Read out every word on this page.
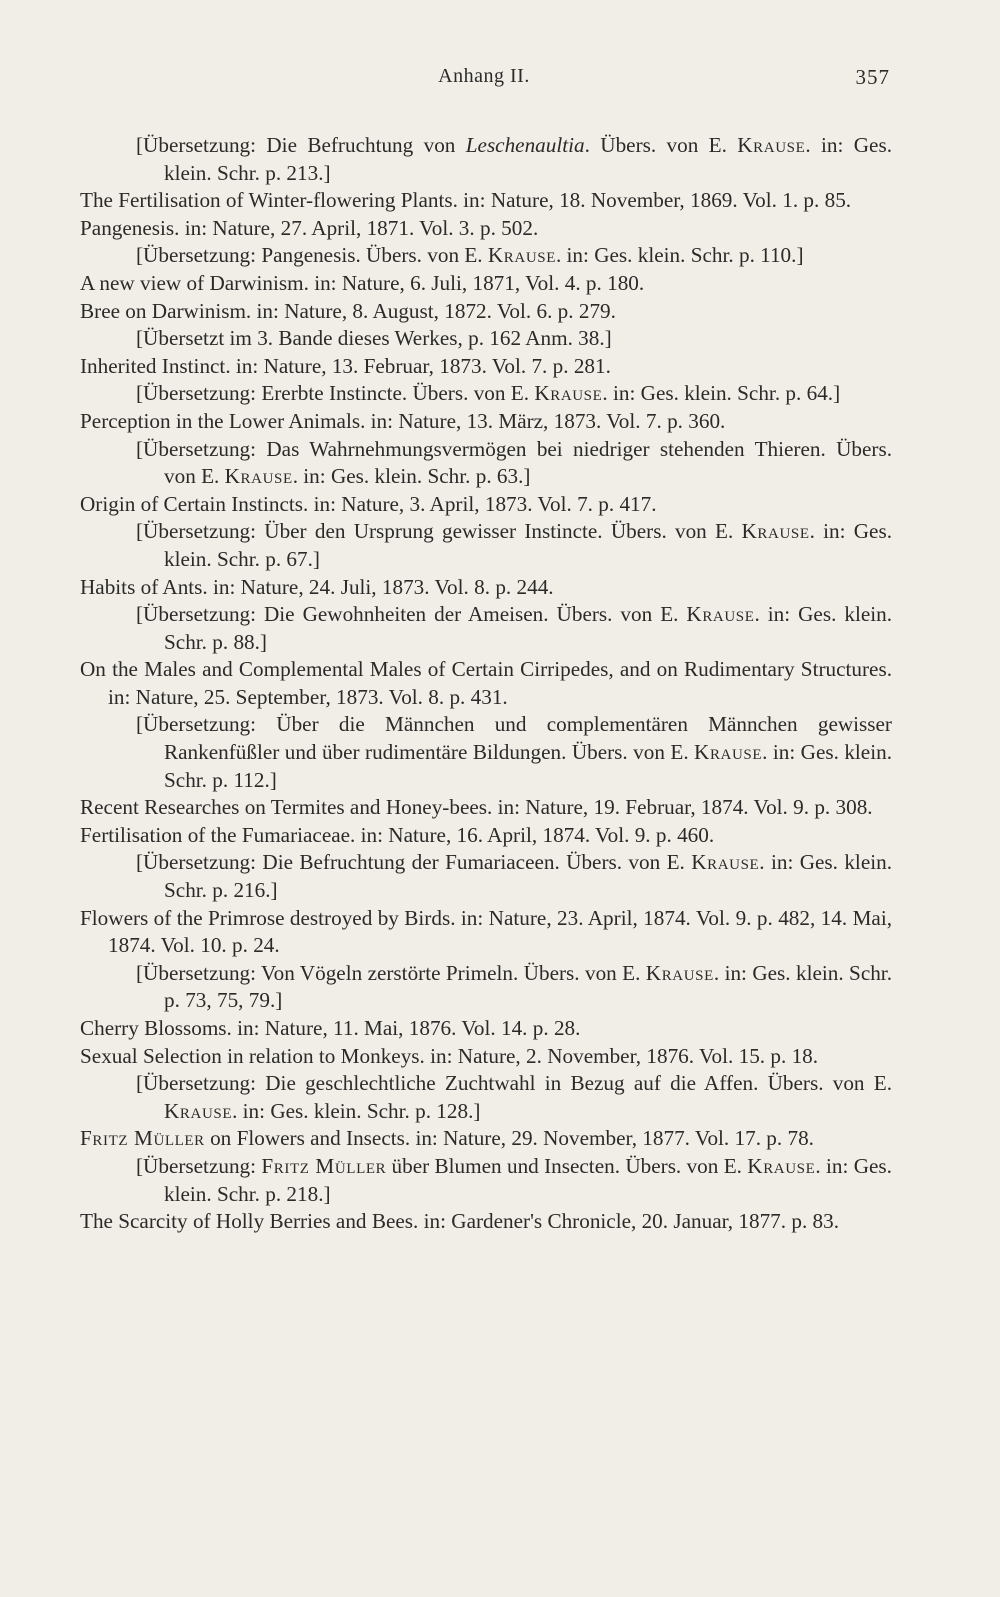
Anhang II.	357

[Übersetzung: Die Befruchtung von Leschenaultia. Übers. von E. Krause. in: Ges. klein. Schr. p. 213.]

The Fertilisation of Winter-flowering Plants. in: Nature, 18. November, 1869. Vol. 1. p. 85.

Pangenesis. in: Nature, 27. April, 1871. Vol. 3. p. 502.

[Übersetzung: Pangenesis. Übers. von E. Krause. in: Ges. klein. Schr. p. 110.]

A new view of Darwinism. in: Nature, 6. Juli, 1871, Vol. 4. p. 180.

Bree on Darwinism. in: Nature, 8. August, 1872. Vol. 6. p. 279.

[Übersetzt im 3. Bande dieses Werkes, p. 162 Anm. 38.]

Inherited Instinct. in: Nature, 13. Februar, 1873. Vol. 7. p. 281.

[Übersetzung: Ererbte Instincte. Übers. von E. Krause. in: Ges. klein. Schr. p. 64.]

Perception in the Lower Animals. in: Nature, 13. März, 1873. Vol. 7. p. 360.

[Übersetzung: Das Wahrnehmungsvermögen bei niedriger stehenden Thieren. Übers. von E. Krause. in: Ges. klein. Schr. p. 63.]

Origin of Certain Instincts. in: Nature, 3. April, 1873. Vol. 7. p. 417.

[Übersetzung: Über den Ursprung gewisser Instincte. Übers. von E. Krause. in: Ges. klein. Schr. p. 67.]

Habits of Ants. in: Nature, 24. Juli, 1873. Vol. 8. p. 244.

[Übersetzung: Die Gewohnheiten der Ameisen. Übers. von E. Krause. in: Ges. klein. Schr. p. 88.]

On the Males and Complemental Males of Certain Cirripedes, and on Rudimentary Structures. in: Nature, 25. September, 1873. Vol. 8. p. 431.

[Übersetzung: Über die Männchen und complementären Männchen gewisser Rankenfüßler und über rudimentäre Bildungen. Übers. von E. Krause. in: Ges. klein. Schr. p. 112.]

Recent Researches on Termites and Honey-bees. in: Nature, 19. Februar, 1874. Vol. 9. p. 308.

Fertilisation of the Fumariaceae. in: Nature, 16. April, 1874. Vol. 9. p. 460.

[Übersetzung: Die Befruchtung der Fumariaceen. Übers. von E. Krause. in: Ges. klein. Schr. p. 216.]

Flowers of the Primrose destroyed by Birds. in: Nature, 23. April, 1874. Vol. 9. p. 482, 14. Mai, 1874. Vol. 10. p. 24.

[Übersetzung: Von Vögeln zerstörte Primeln. Übers. von E. Krause. in: Ges. klein. Schr. p. 73, 75, 79.]

Cherry Blossoms. in: Nature, 11. Mai, 1876. Vol. 14. p. 28.

Sexual Selection in relation to Monkeys. in: Nature, 2. November, 1876. Vol. 15. p. 18.

[Übersetzung: Die geschlechtliche Zuchtwahl in Bezug auf die Affen. Übers. von E. Krause. in: Ges. klein. Schr. p. 128.]

Fritz Müller on Flowers and Insects. in: Nature, 29. November, 1877. Vol. 17. p. 78.

[Übersetzung: Fritz Müller über Blumen und Insecten. Übers. von E. Krause. in: Ges. klein. Schr. p. 218.]

The Scarcity of Holly Berries and Bees. in: Gardener's Chronicle, 20. Januar, 1877. p. 83.
